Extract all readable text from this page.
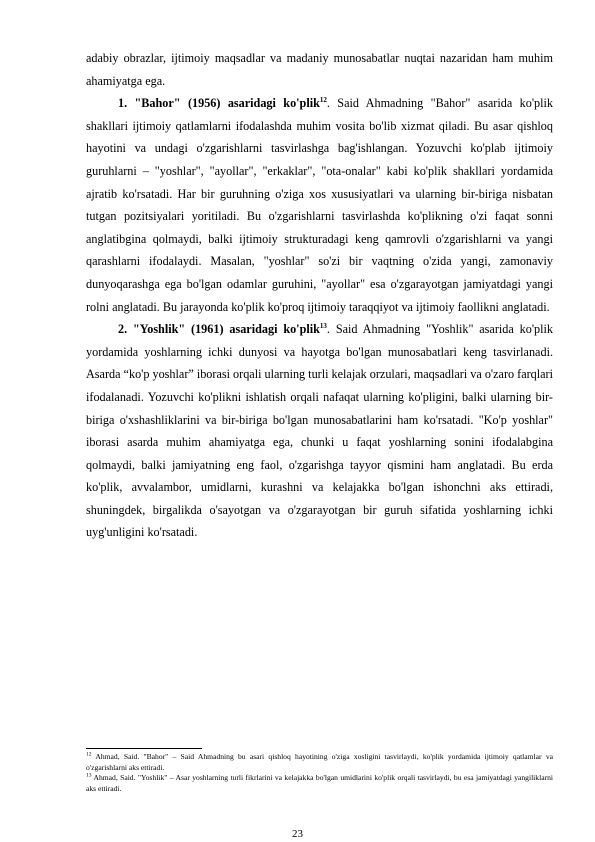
adabiy obrazlar, ijtimoiy maqsadlar va madaniy munosabatlar nuqtai nazaridan ham muhim ahamiyatga ega.

1. "Bahor" (1956) asaridagi ko'plik$^{12}$. Said Ahmadning "Bahor" asarida ko'plik shakllari ijtimoiy qatlamlarni ifodalashda muhim vosita bo'lib xizmat qiladi. Bu asar qishloq hayotini va undagi o'zgarishlarni tasvirlashga bag'ishlangan. Yozuvchi ko'plab ijtimoiy guruhlarni – "yoshlar", "ayollar", "erkaklar", "ota-onalar" kabi ko'plik shakllari yordamida ajratib ko'rsatadi. Har bir guruhning o'ziga xos xususiyatlari va ularning bir-biriga nisbatan tutgan pozitsiyalari yoritiladi. Bu o'zgarishlarni tasvirlashda ko'plikning o'zi faqat sonni anglatibgina qolmaydi, balki ijtimoiy strukturadagi keng qamrovli o'zgarishlarni va yangi qarashlarni ifodalaydi. Masalan, "yoshlar" so'zi bir vaqtning o'zida yangi, zamonaviy dunyoqarashga ega bo'lgan odamlar guruhini, "ayollar" esa o'zgarayotgan jamiyatdagi yangi rolni anglatadi. Bu jarayonda ko'plik ko'proq ijtimoiy taraqqiyot va ijtimoiy faollikni anglatadi.

2. "Yoshlik" (1961) asaridagi ko'plik$^{13}$. Said Ahmadning "Yoshlik" asarida ko'plik yordamida yoshlarning ichki dunyosi va hayotga bo'lgan munosabatlari keng tasvirlanadi. Asarda “ko'p yoshlar” iborasi orqali ularning turli kelajak orzulari, maqsadlari va o'zaro farqlari ifodalanadi. Yozuvchi ko'plikni ishlatish orqali nafaqat ularning ko'pligini, balki ularning bir-biriga o'xshashliklarini va bir-biriga bo'lgan munosabatlarini ham ko'rsatadi. "Ko'p yoshlar" iborasi asarda muhim ahamiyatga ega, chunki u faqat yoshlarning sonini ifodalabgina qolmaydi, balki jamiyatning eng faol, o'zgarishga tayyor qismini ham anglatadi. Bu erda ko'plik, avvalambor, umidlarni, kurashni va kelajakka bo'lgan ishonchni aks ettiradi, shuningdek, birgalikda o'sayotgan va o'zgarayotgan bir guruh sifatida yoshlarning ichki uyg'unligini ko'rsatadi.

$^{12}$ Ahmad, Said. "Bahor" – Said Ahmadning bu asari qishloq hayotining o'ziga xosligini tasvirlaydi, ko'plik yordamida ijtimoiy qatlamlar va o'zgarishlarni aks ettiradi.

$^{13}$ Ahmad, Said. "Yoshlik" – Asar yoshlarning turli fikrlarini va kelajakka bo'lgan umidlarini ko'plik orqali tasvirlaydi, bu esa jamiyatdagi yangiliklarni aks ettiradi.

23
